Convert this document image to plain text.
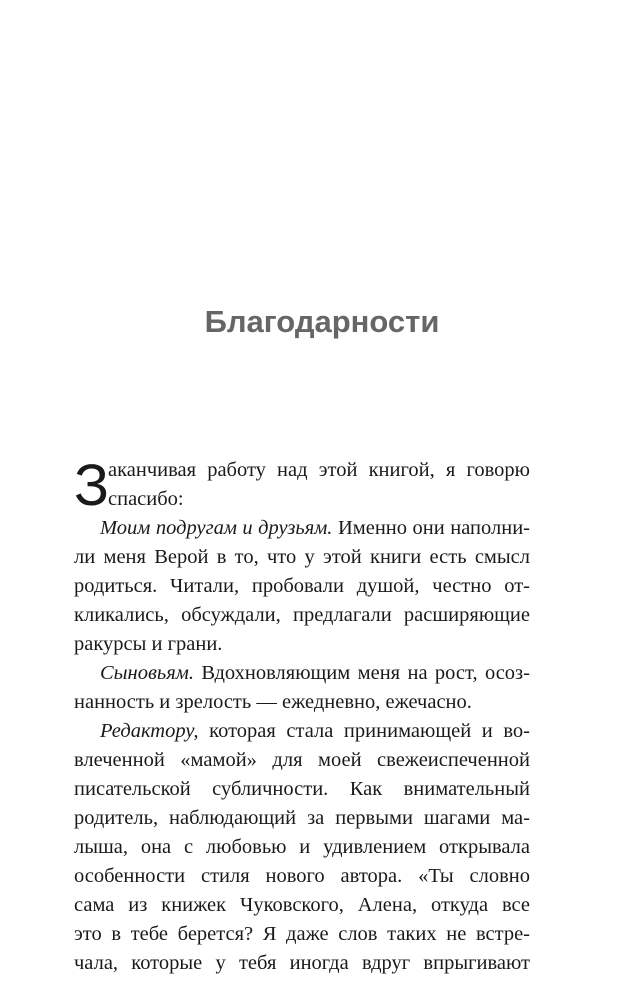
Благодарности
З
аканчивая работу над этой книгой, я говорю
спасибо:
Моим подругам и друзьям. Именно они наполни-
ли меня Верой в то, что у этой книги есть смысл
родиться. Читали, пробовали душой, честно от-
кликались, обсуждали, предлагали расширяющие
ракурсы и грани.
Сыновьям. Вдохновляющим меня на рост, осоз-
нанность и зрелость — ежедневно, ежечасно.
Редактору, которая стала принимающей и во-
влеченной «мамой» для моей свежеиспеченной
писательской субличности. Как внимательный
родитель, наблюдающий за первыми шагами ма-
лыша, она с любовью и удивлением открывала
особенности стиля нового автора. «Ты словно
сама из книжек Чуковского, Алена, откуда все
это в тебе берется? Я даже слов таких не встре-
чала, которые у тебя иногда вдруг впрыгивают
